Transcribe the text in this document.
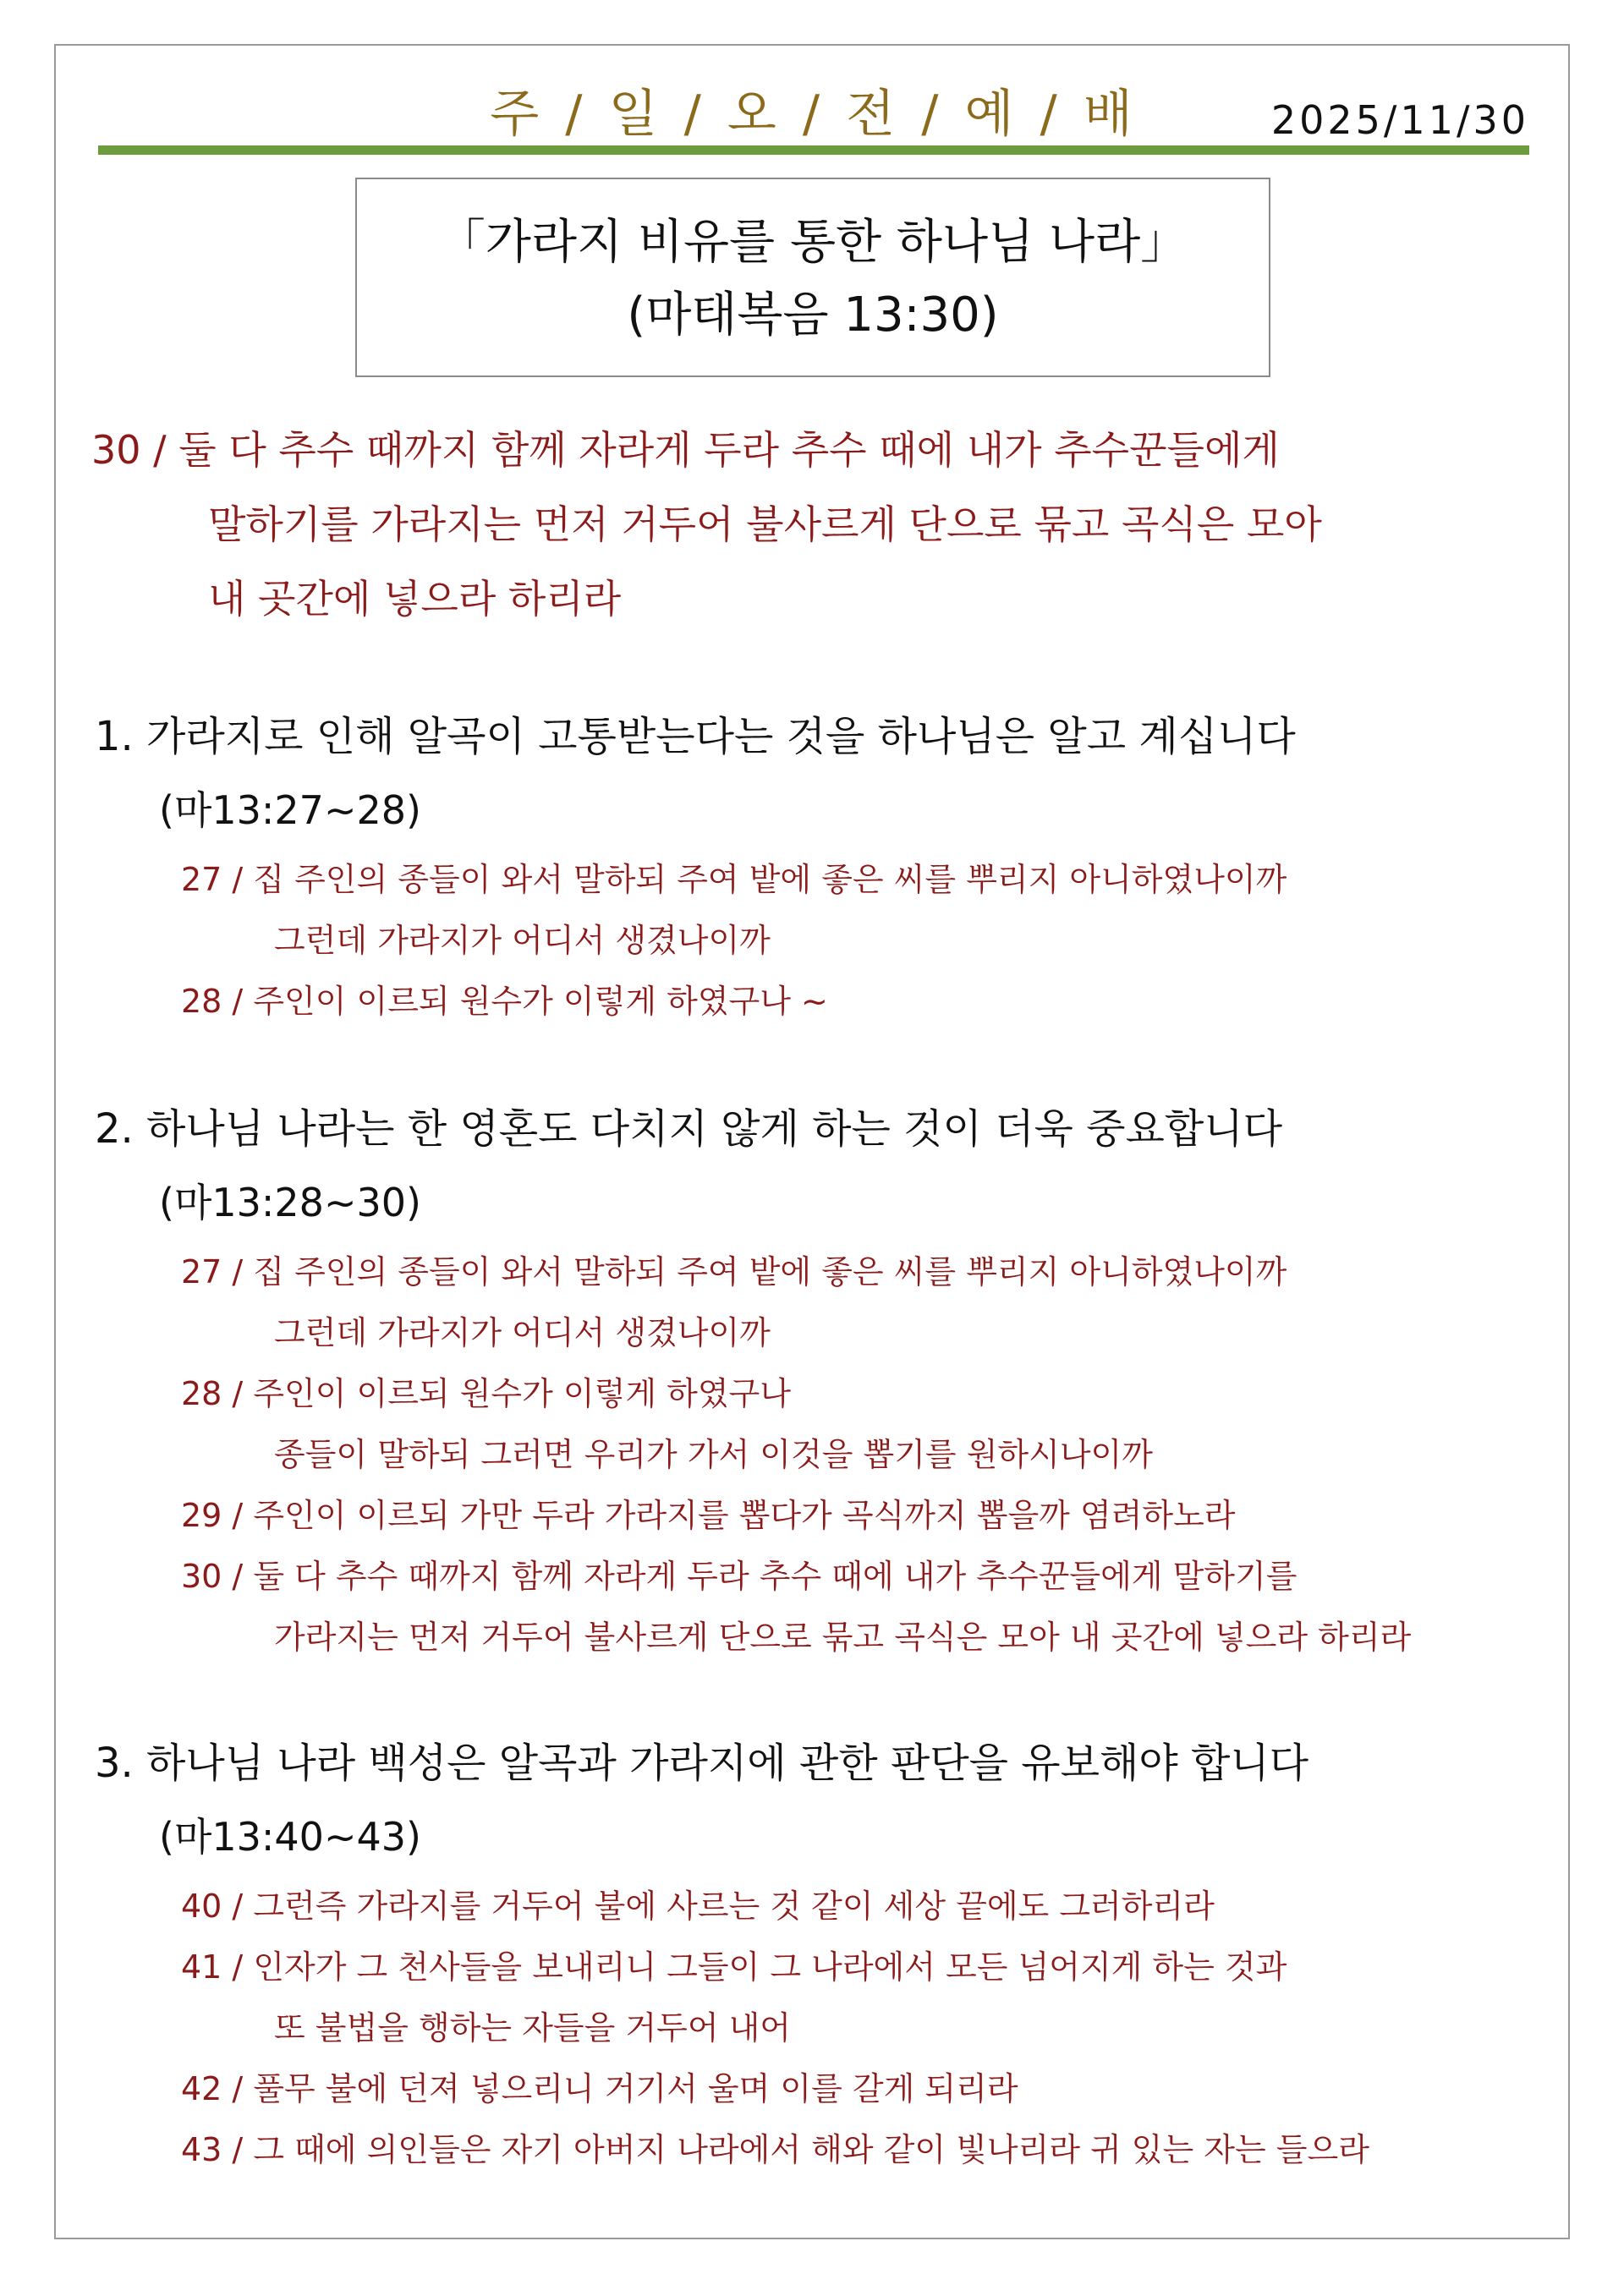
주 / 일 / 오 / 전 / 예 / 배	2025/11/30
「가라지 비유를 통한 하나님 나라」
(마태복음 13:30)
30 / 둘 다 추수 때까지 함께 자라게 두라 추수 때에 내가 추수꾼들에게
말하기를 가라지는 먼저 거두어 불사르게 단으로 묶고 곡식은 모아
내 곳간에 넣으라 하리라
1. 가라지로 인해 알곡이 고통받는다는 것을 하나님은 알고 계십니다
(마13:27~28)
27 / 집 주인의 종들이 와서 말하되 주여 밭에 좋은 씨를 뿌리지 아니하였나이까
그런데 가라지가 어디서 생겼나이까
28 / 주인이 이르되 원수가 이렇게 하였구나 ~
2. 하나님 나라는 한 영혼도 다치지 않게 하는 것이 더욱 중요합니다
(마13:28~30)
27 / 집 주인의 종들이 와서 말하되 주여 밭에 좋은 씨를 뿌리지 아니하였나이까
그런데 가라지가 어디서 생겼나이까
28 / 주인이 이르되 원수가 이렇게 하였구나
종들이 말하되 그러면 우리가 가서 이것을 뽑기를 원하시나이까
29 / 주인이 이르되 가만 두라 가라지를 뽑다가 곡식까지 뽑을까 염려하노라
30 / 둘 다 추수 때까지 함께 자라게 두라 추수 때에 내가 추수꾼들에게 말하기를
가라지는 먼저 거두어 불사르게 단으로 묶고 곡식은 모아 내 곳간에 넣으라 하리라
3. 하나님 나라 백성은 알곡과 가라지에 관한 판단을 유보해야 합니다
(마13:40~43)
40 / 그런즉 가라지를 거두어 불에 사르는 것 같이 세상 끝에도 그러하리라
41 / 인자가 그 천사들을 보내리니 그들이 그 나라에서 모든 넘어지게 하는 것과
또 불법을 행하는 자들을 거두어 내어
42 / 풀무 불에 던져 넣으리니 거기서 울며 이를 갈게 되리라
43 / 그 때에 의인들은 자기 아버지 나라에서 해와 같이 빛나리라 귀 있는 자는 들으라
